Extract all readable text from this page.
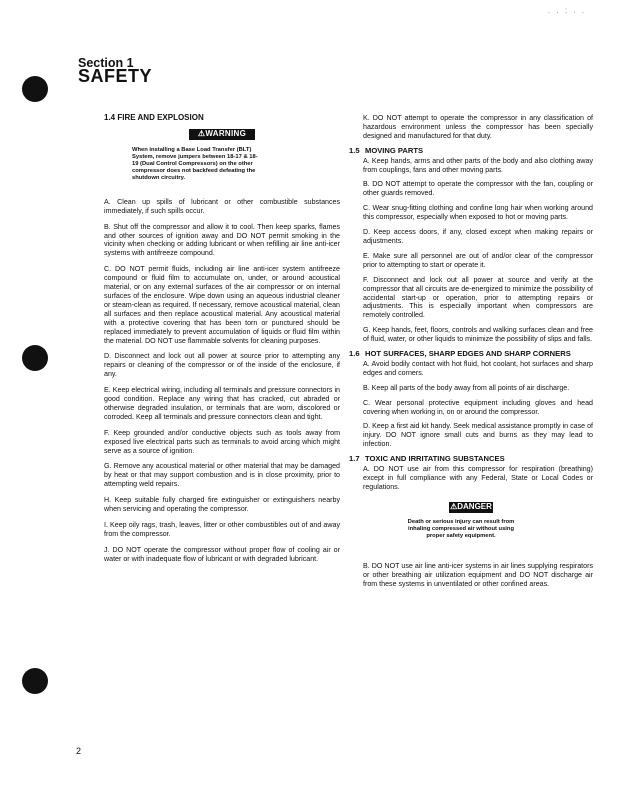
. . : . .
Section 1
SAFETY
1.4 FIRE AND EXPLOSION
⚠WARNING
When installing a Base Load Transfer (BLT) System, remove jumpers between 18-17 & 18-19 (Dual Control Compressors) on the other compressor does not backfeed defeating the shutdown circuitry.
A. Clean up spills of lubricant or other combustible substances immediately, if such spills occur.
B. Shut off the compressor and allow it to cool. Then keep sparks, flames and other sources of ignition away and DO NOT permit smoking in the vicinity when checking or adding lubricant or when refilling air line anti-icer systems with antifreeze compound.
C. DO NOT permit fluids, including air line anti-icer system antifreeze compound or fluid film to accumulate on, under, or around acoustical material, or on any external surfaces of the air compressor or on internal surfaces of the enclosure. Wipe down using an aqueous industrial cleaner or steam-clean as required. If necessary, remove acoustical material, clean all surfaces and then replace acoustical material. Any acoustical material with a protective covering that has been torn or punctured should be replaced immediately to prevent accumulation of liquids or fluid film within the material. DO NOT use flammable solvents for cleaning purposes.
D. Disconnect and lock out all power at source prior to attempting any repairs or cleaning of the compressor or of the inside of the enclosure, if any.
E. Keep electrical wiring, including all terminals and pressure connectors in good condition. Replace any wiring that has cracked, cut abraded or otherwise degraded insulation, or terminals that are worn, discolored or corroded. Keep all terminals and pressure connectors clean and tight.
F. Keep grounded and/or conductive objects such as tools away from exposed live electrical parts such as terminals to avoid arcing which might serve as a source of ignition.
G. Remove any acoustical material or other material that may be damaged by heat or that may support combustion and is in close proximity, prior to attempting weld repairs.
H. Keep suitable fully charged fire extinguisher or extinguishers nearby when servicing and operating the compressor.
I. Keep oily rags, trash, leaves, litter or other combustibles out of and away from the compressor.
J. DO NOT operate the compressor without proper flow of cooling air or water or with inadequate flow of lubricant or with degraded lubricant.
K. DO NOT attempt to operate the compressor in any classification of hazardous environment unless the compressor has been specially designed and manufactured for that duty.
1.5 MOVING PARTS
A. Keep hands, arms and other parts of the body and also clothing away from couplings, fans and other moving parts.
B. DO NOT attempt to operate the compressor with the fan, coupling or other guards removed.
C. Wear snug-fitting clothing and confine long hair when working around this compressor, especially when exposed to hot or moving parts.
D. Keep access doors, if any, closed except when making repairs or adjustments.
E. Make sure all personnel are out of and/or clear of the compressor prior to attempting to start or operate it.
F. Disconnect and lock out all power at source and verify at the compressor that all circuits are de-energized to minimize the possibility of accidental start-up or operation, prior to attempting repairs or adjustments. This is especially important when compressors are remotely controlled.
G. Keep hands, feet, floors, controls and walking surfaces clean and free of fluid, water, or other liquids to minimize the possibility of slips and falls.
1.6 HOT SURFACES, SHARP EDGES AND SHARP CORNERS
A. Avoid bodily contact with hot fluid, hot coolant, hot surfaces and sharp edges and corners.
B. Keep all parts of the body away from all points of air discharge.
C. Wear personal protective equipment including gloves and head covering when working in, on or around the compressor.
D. Keep a first aid kit handy. Seek medical assistance promptly in case of injury. DO NOT ignore small cuts and burns as they may lead to infection.
1.7 TOXIC AND IRRITATING SUBSTANCES
A. DO NOT use air from this compressor for respiration (breathing) except in full compliance with any Federal, State or Local Codes or regulations.
⚠DANGER
Death or serious injury can result from inhaling compressed air without using proper safety equipment.
B. DO NOT use air line anti-icer systems in air lines supplying respirators or other breathing air utilization equipment and DO NOT discharge air from these systems in unventilated or other confined areas.
2
